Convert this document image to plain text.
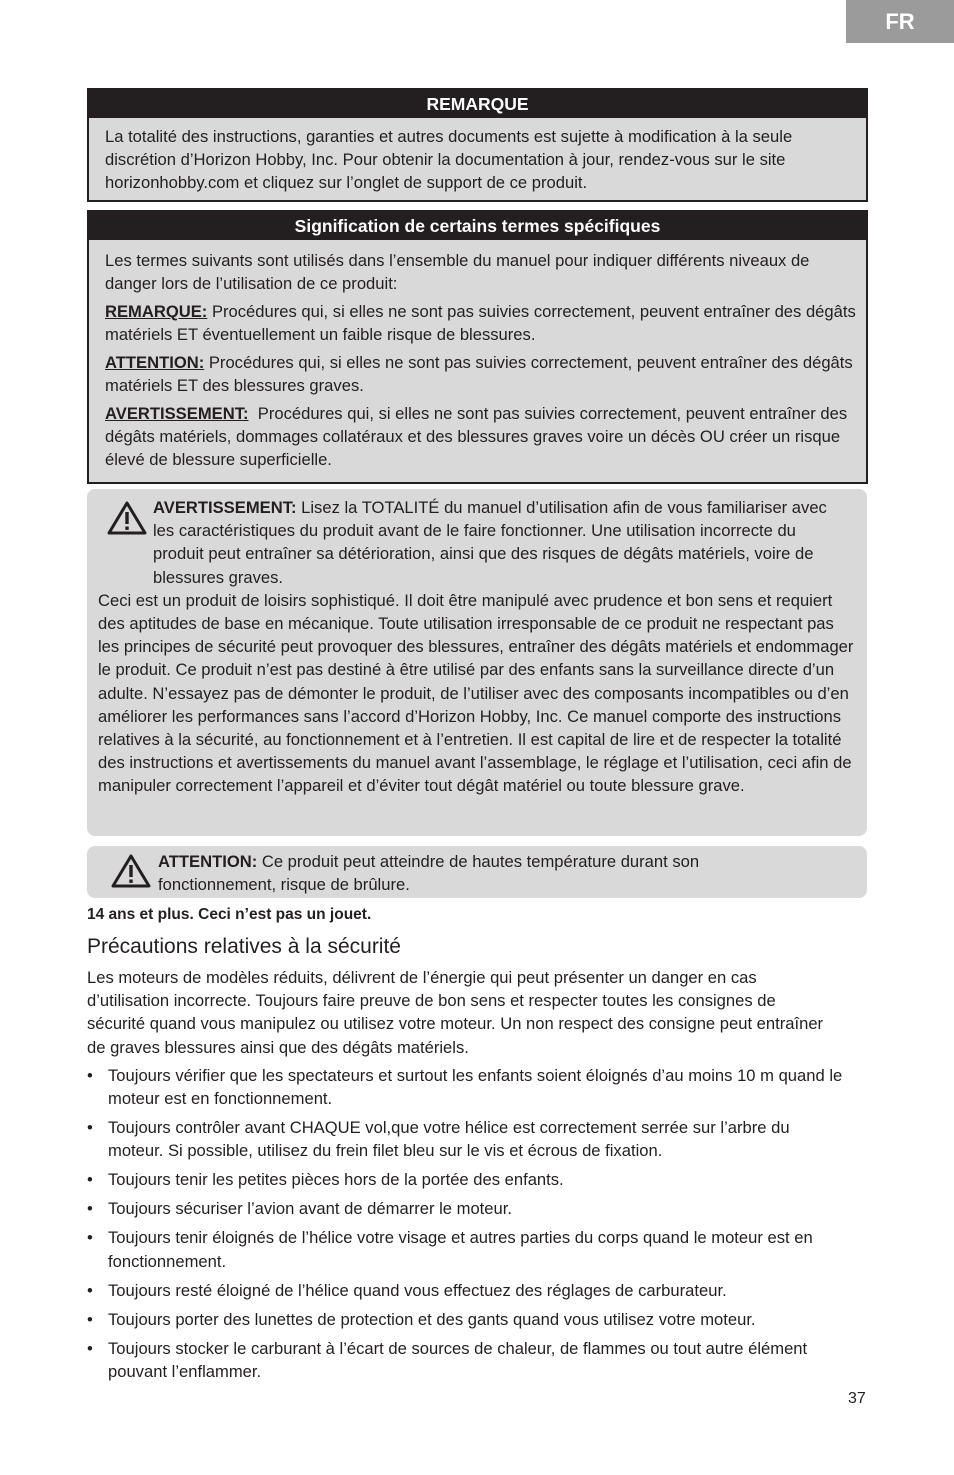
FR
REMARQUE

La totalité des instructions, garanties et autres documents est sujette à modification à la seule discrétion d’Horizon Hobby, Inc. Pour obtenir la documentation à jour, rendez-vous sur le site horizonhobby.com et cliquez sur l’onglet de support de ce produit.

Signification de certains termes spécifiques

Les termes suivants sont utilisés dans l’ensemble du manuel pour indiquer différents niveaux de danger lors de l’utilisation de ce produit:

REMARQUE: Procédures qui, si elles ne sont pas suivies correctement, peuvent entraîner des dégâts matériels ET éventuellement un faible risque de blessures.

ATTENTION: Procédures qui, si elles ne sont pas suivies correctement, peuvent entraîner des dégâts matériels ET des blessures graves.

AVERTISSEMENT:  Procédures qui, si elles ne sont pas suivies correctement, peuvent entraîner des dégâts matériels, dommages collatéraux et des blessures graves voire un décès OU créer un risque élevé de blessure superficielle.

AVERTISSEMENT: Lisez la TOTALITÉ du manuel d’utilisation afin de vous familiariser avec les caractéristiques du produit avant de le faire fonctionner. Une utilisation incorrecte du produit peut entraîner sa détérioration, ainsi que des risques de dégâts matériels, voire de blessures graves.
Ceci est un produit de loisirs sophistiqué. Il doit être manipulé avec prudence et bon sens et requiert des aptitudes de base en mécanique. Toute utilisation irresponsable de ce produit ne respectant pas les principes de sécurité peut provoquer des blessures, entraîner des dégâts matériels et endommager le produit. Ce produit n’est pas destiné à être utilisé par des enfants sans la surveillance directe d’un adulte. N’essayez pas de démonter le produit, de l’utiliser avec des composants incompatibles ou d’en améliorer les performances sans l’accord d’Horizon Hobby, Inc. Ce manuel comporte des instructions relatives à la sécurité, au fonctionnement et à l’entretien. Il est capital de lire et de respecter la totalité des instructions et avertissements du manuel avant l’assemblage, le réglage et l’utilisation, ceci afin de manipuler correctement l’appareil et d’éviter tout dégât matériel ou toute blessure grave.
ATTENTION: Ce produit peut atteindre de hautes température durant son fonctionnement, risque de brûlure.
14 ans et plus. Ceci n’est pas un jouet.
Précautions relatives à la sécurité

Les moteurs de modèles réduits, délivrent de l’énergie qui peut présenter un danger en cas d’utilisation incorrecte. Toujours faire preuve de bon sens et respecter toutes les consignes de sécurité quand vous manipulez ou utilisez votre moteur. Un non respect des consigne peut entraîner de graves blessures ainsi que des dégâts matériels.

• Toujours vérifier que les spectateurs et surtout les enfants soient éloignés d’au moins 10 m quand le moteur est en fonctionnement.
• Toujours contrôler avant CHAQUE vol,que votre hélice est correctement serrée sur l’arbre du moteur. Si possible, utilisez du frein filet bleu sur le vis et écrous de fixation.
• Toujours tenir les petites pièces hors de la portée des enfants.
• Toujours sécuriser l’avion avant de démarrer le moteur.
• Toujours tenir éloignés de l’hélice votre visage et autres parties du corps quand le moteur est en fonctionnement.
• Toujours resté éloigné de l’hélice quand vous effectuez des réglages de carburateur.
• Toujours porter des lunettes de protection et des gants quand vous utilisez votre moteur.
• Toujours stocker le carburant à l’écart de sources de chaleur, de flammes ou tout autre élément pouvant l’enflammer.
37
